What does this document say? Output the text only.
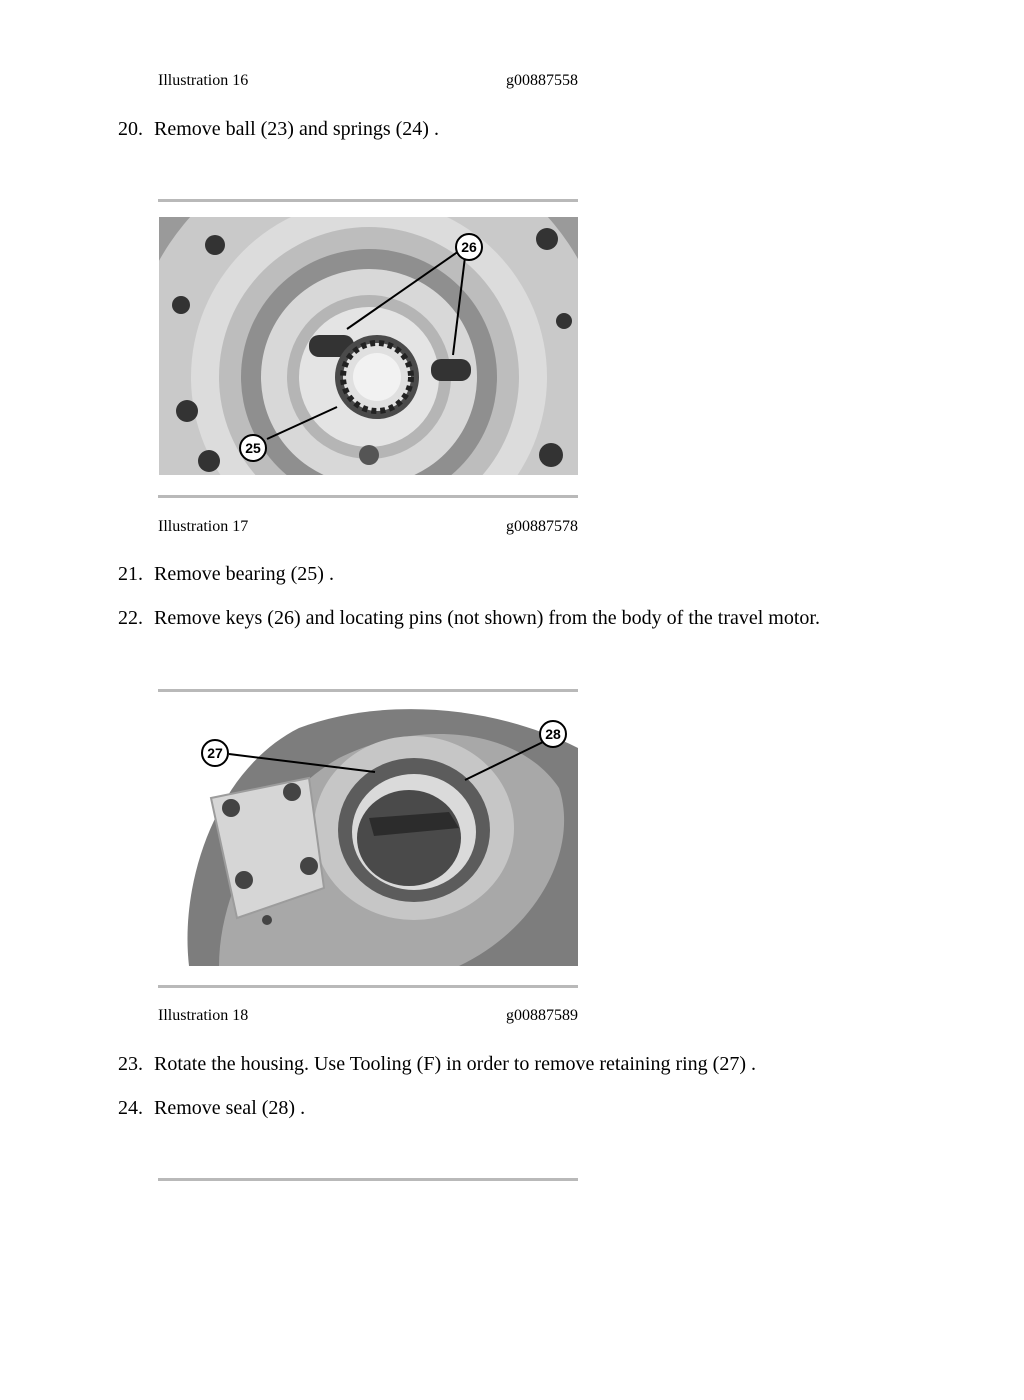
Illustration 16	g00887558
20. Remove ball (23) and springs (24) .
26
25
Illustration 17	g00887578
21. Remove bearing (25) .
22. Remove keys (26) and locating pins (not shown) from the body of the travel motor.
27
28
Illustration 18	g00887589
23. Rotate the housing. Use Tooling (F) in order to remove retaining ring (27) .
24. Remove seal (28) .
